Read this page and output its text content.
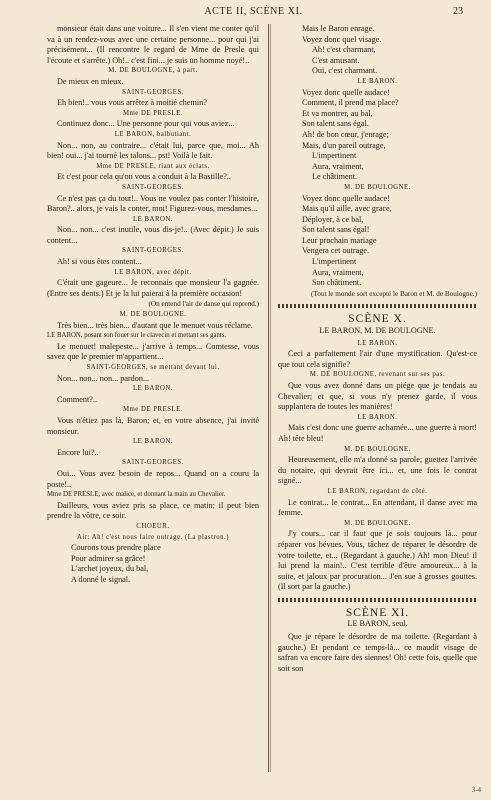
ACTE II, SCÈNE XI.	23

monsieur était dans une voiture... Il s'en vient me conter qu'il va à un rendez-vous avec une certaine personne... pour qui j'ai précisément... (Il rencontre le regard de Mme de Presle qui l'écoute et s'arrête.) Oh!.. c'est fini... je suis un homme noyé!..

M. DE BOULOGNE, à part.

De mieux en mieux.

SAINT-GEORGES.

Eh bien!.. vous vous arrêtez à moitié chemin?

Mme DE PRESLE.

Continuez donc... Une personne pour qui vous aviez...

LE BARON, balbutiant.

Non... non, au contraire... c'était lui, parce que, moi... Ah bien! oui... j'ai tourné les talons... pst! Voilà le fait.

Mme DE PRESLE, riant aux éclats.

Et c'est pour cela qu'on vous a conduit à la Bastille?..

SAINT-GEORGES.

Ce n'est pas ça du tout!.. Vous ne voulez pas conter l'histoire, Baron?.. alors, je vais la conter, moi! Figurez-vous, mesdames...

LE BARON.

Non... non... c'est inutile, vous dis-je!.. (Avec dépit.) Je suis content...

SAINT-GEORGES.

Ah! si vous êtes content...

LE BARON, avec dépit.

C'était une gageure... Je reconnais que monsieur l'a gagnée. (Entre ses dents.) Et je la lui paierai à la première occasion!

(On entend l'air de danse qui reprend.)

M. DE BOULOGNE.

Très bien... très bien... d'autant que le menuet vous réclame.

LE BARON, posant son fouet sur le clavecin et mettant ses gants.

Le menuet! malepeste... j'arrive à temps... Comtesse, vous savez que le premier m'appartient...

SAINT-GEORGES, se mettant devant lui.

Non... non... non... pardon...

LE BARON.

Comment?..

Mme DE PRESLE.

Vous n'étiez pas là, Baron; et, en votre absence, j'ai invité monsieur.

LE BARON.

Encore lui?..

SAINT-GEORGES.

Oui... Vous avez besoin de repos... Quand on a couru la poste!..

Mme DE PRESLE, avec malice, et donnant la main au Chevalier.

Dailleurs, vous aviez pris sa place, ce matin; il peut bien prendre la vôtre, ce soir.

CHOEUR.

Air: Ah! c'est nous faire outrage. (La plastron.)

Courons tous prendre place

Pour admirer sa grâce!

L'archet joyeux, du bal,

A donné le signal.

Mais le Baron enrage.

Voyez donc quel visage.

Ah! c'est charmant,

C'est amusant.

Oui, c'est charmant.

LE BARON.

Voyez donc quelle audace!

Comment, il prend ma place?

Et va montrer, au bal,

Son talent sans égal.

Ah! de bon cœur, j'enrage;

Mais, d'un pareil outrage,

L'impertinent

Aura, vraiment,

Le châtiment.

M. DE BOULOGNE.

Voyez donc quelle audace!

Mais qu'il aille, avec grace,

Déployer, à ce bal,

Son talent sans égal!

Leur prochain mariage

Vengera cet outrage.

L'impertinent

Aura, vraiment,

Son châtiment.

(Tout le monde sort excepté le Baron et M. de Boulogne.)

SCÈNE X.

LE BARON, M. DE BOULOGNE.

LE BARON.

Ceci a parfaitement l'air d'une mystification. Qu'est-ce que tout cela signifie?

M. DE BOULOGNE, revenant sur ses pas.

Que vous avez donné dans un piége que je tendais au Chevalier; et que, si vous n'y prenez garde, il vous supplantera de toutes les manières!

LE BARON.

Mais c'est donc une guerre acharnée... une guerre à mort! Ah! tête bleu!

M. DE BOULOGNE.

Heureusement, elle m'a donné sa parole; guettez l'arrivée du notaire, qui devrait être ici... et, une fois le contrat signé...

LE BARON, regardant de côté.

Le contrat... le contrat... En attendant, il danse avec ma femme.

M. DE BOULOGNE.

J'y cours... car il faut que je sois toujours là... pour réparer vos bévues. Vous, tâchez de réparer le désordre de votre toilette, et... (Regardant à gauche.) Ah! mon Dieu! il lui prend la main!.. C'est terrible d'être amoureux... à la suite, et jaloux par procuration... J'en sue à grosses gouttes. (Il sort par la gauche.)

SCÈNE XI.

LE BARON, seul.

Que je répare le désordre de ma toilette. (Regardant à gauche.) Et pendant ce temps-là... ce maudit visage de safran va encore faire des siennes! Oh! cette fois, quelle que soit son

3-4
